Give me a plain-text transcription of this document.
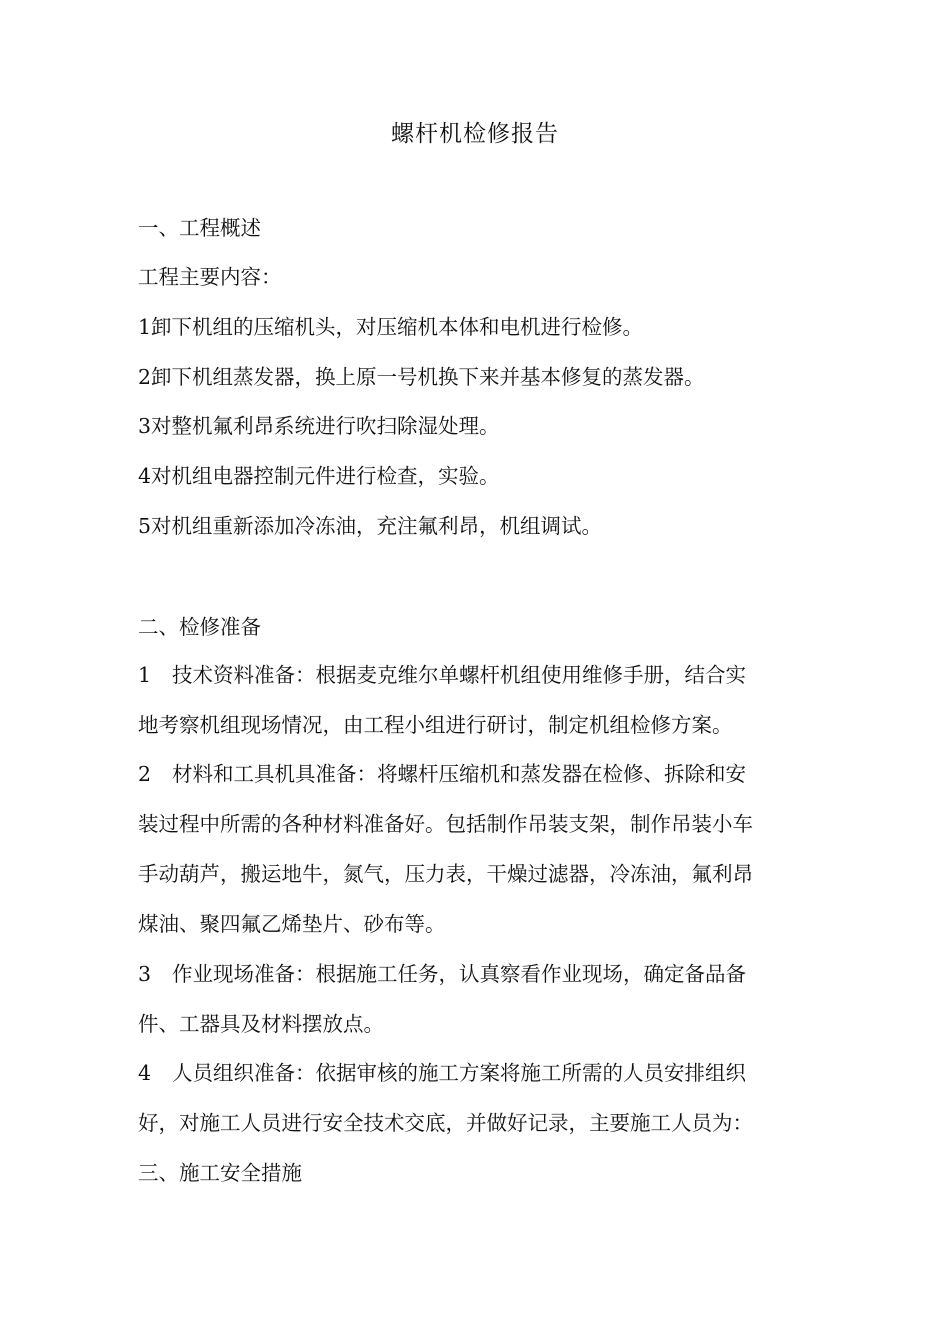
螺杆机检修报告
一、工程概述
工程主要内容：
1卸下机组的压缩机头，对压缩机本体和电机进行检修。
2卸下机组蒸发器，换上原一号机换下来并基本修复的蒸发器。
3对整机氟利昂系统进行吹扫除湿处理。
4对机组电器控制元件进行检查，实验。
5对机组重新添加冷冻油，充注氟利昂，机组调试。
二、检修准备
1 技术资料准备：根据麦克维尔单螺杆机组使用维修手册，结合实
地考察机组现场情况，由工程小组进行研讨，制定机组检修方案。
2 材料和工具机具准备：将螺杆压缩机和蒸发器在检修、拆除和安
装过程中所需的各种材料准备好。包括制作吊装支架，制作吊装小车
手动葫芦，搬运地牛，氮气，压力表，干燥过滤器，冷冻油，氟利昂
煤油、聚四氟乙烯垫片、砂布等。
3 作业现场准备：根据施工任务，认真察看作业现场，确定备品备
件、工器具及材料摆放点。
4 人员组织准备：依据审核的施工方案将施工所需的人员安排组织
好，对施工人员进行安全技术交底，并做好记录，主要施工人员为：
三、施工安全措施
